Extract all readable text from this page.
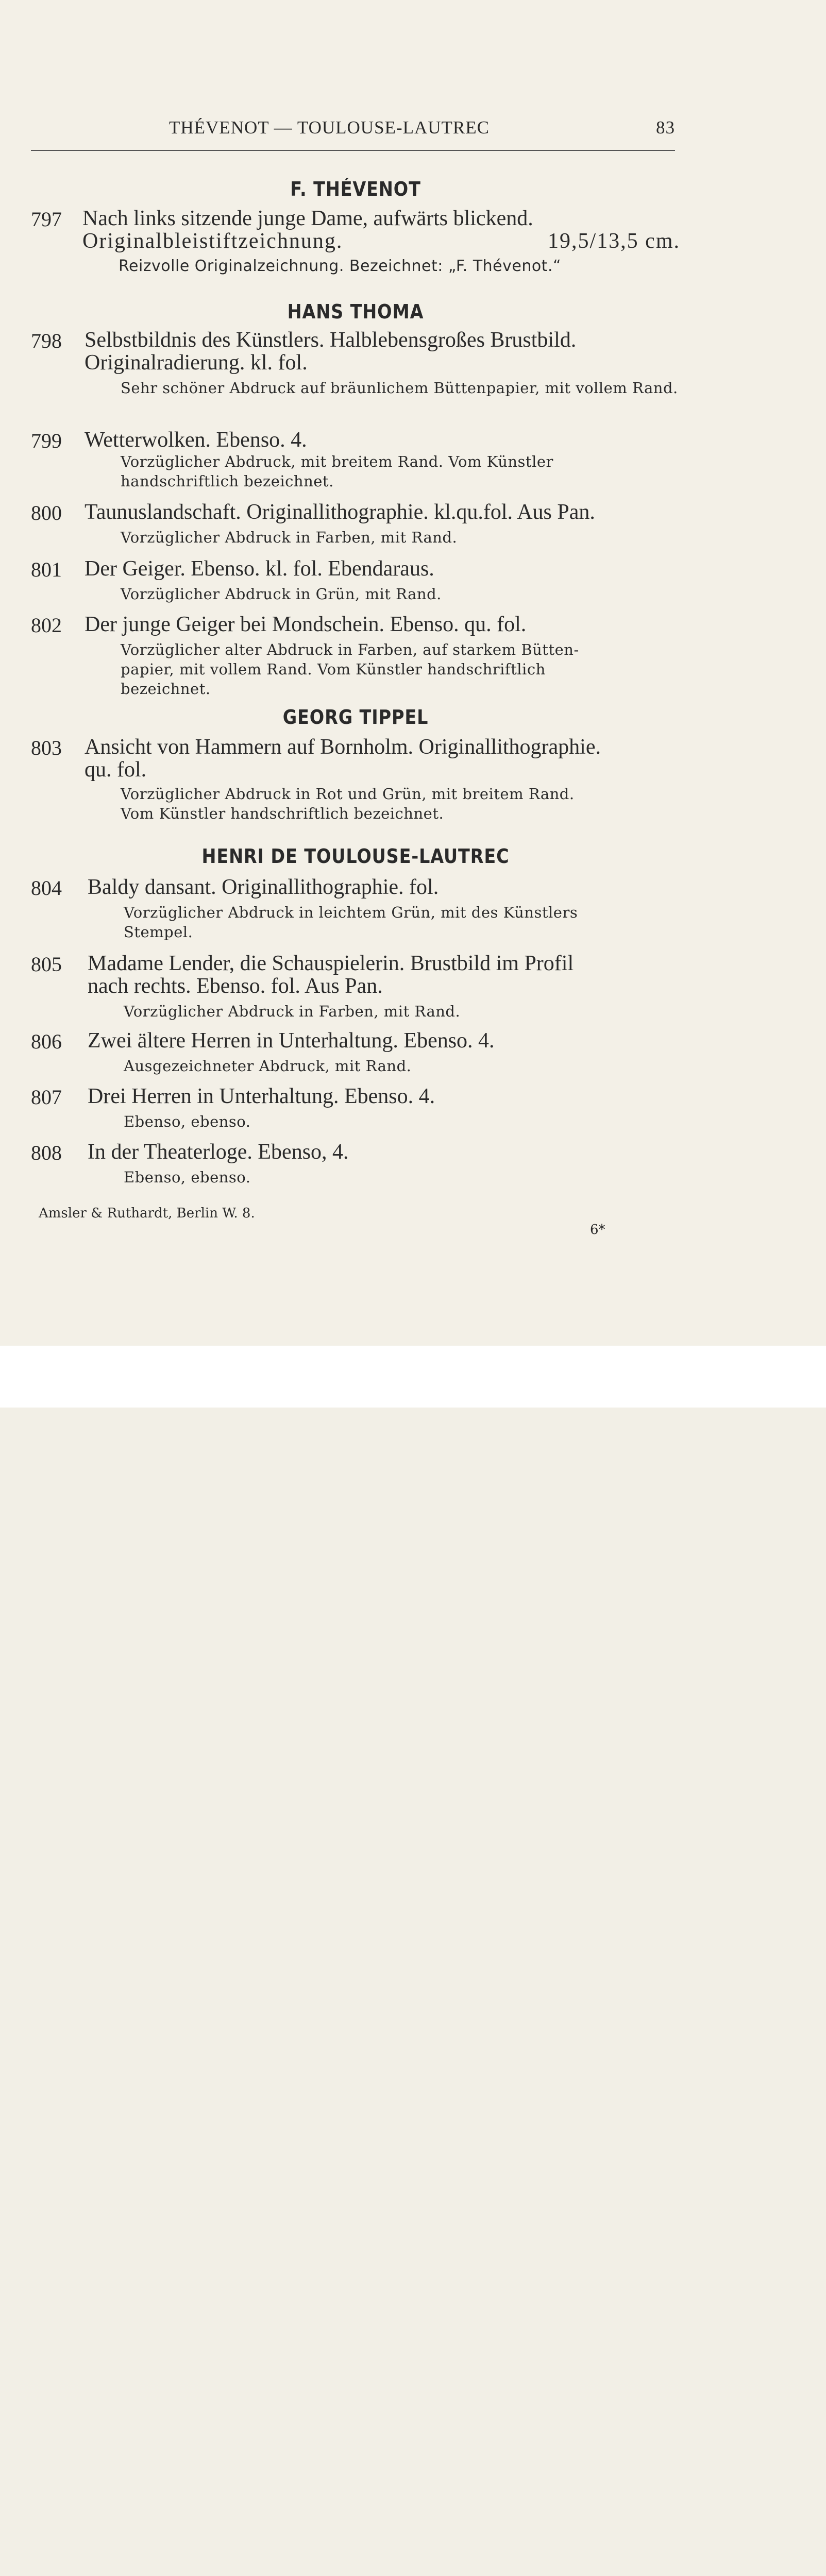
THÉVENOT — TOULOUSE-LAUTREC	83
F. THÉVENOT
797 Nach links sitzende junge Dame, aufwärts blickend.
Originalbleistiftzeichnung.	19,5/13,5 cm.
Reizvolle Originalzeichnung. Bezeichnet: „F. Thévenot.“
HANS THOMA
798 Selbstbildnis des Künstlers. Halblebensgroßes Brustbild.
Originalradierung. kl. fol.
Sehr schöner Abdruck auf bräunlichem Büttenpapier, mit vollem Rand.
799 Wetterwolken. Ebenso. 4.
Vorzüglicher Abdruck, mit breitem Rand. Vom Künstler
handschriftlich bezeichnet.
800 Taunuslandschaft. Originallithographie. kl.qu.fol. Aus Pan.
Vorzüglicher Abdruck in Farben, mit Rand.
801 Der Geiger. Ebenso. kl. fol. Ebendaraus.
Vorzüglicher Abdruck in Grün, mit Rand.
802 Der junge Geiger bei Mondschein. Ebenso. qu. fol.
Vorzüglicher alter Abdruck in Farben, auf starkem Bütten-
papier, mit vollem Rand. Vom Künstler handschriftlich
bezeichnet.
GEORG TIPPEL
803 Ansicht von Hammern auf Bornholm. Originallithographie.
qu. fol.
Vorzüglicher Abdruck in Rot und Grün, mit breitem Rand.
Vom Künstler handschriftlich bezeichnet.
HENRI DE TOULOUSE-LAUTREC
804 Baldy dansant. Originallithographie. fol.
Vorzüglicher Abdruck in leichtem Grün, mit des Künstlers
Stempel.
805 Madame Lender, die Schauspielerin. Brustbild im Profil
nach rechts. Ebenso. fol. Aus Pan.
Vorzüglicher Abdruck in Farben, mit Rand.
806 Zwei ältere Herren in Unterhaltung. Ebenso. 4.
Ausgezeichneter Abdruck, mit Rand.
807 Drei Herren in Unterhaltung. Ebenso. 4.
Ebenso, ebenso.
808 In der Theaterloge. Ebenso, 4.
Ebenso, ebenso.
Amsler & Ruthardt, Berlin W. 8.
6*
